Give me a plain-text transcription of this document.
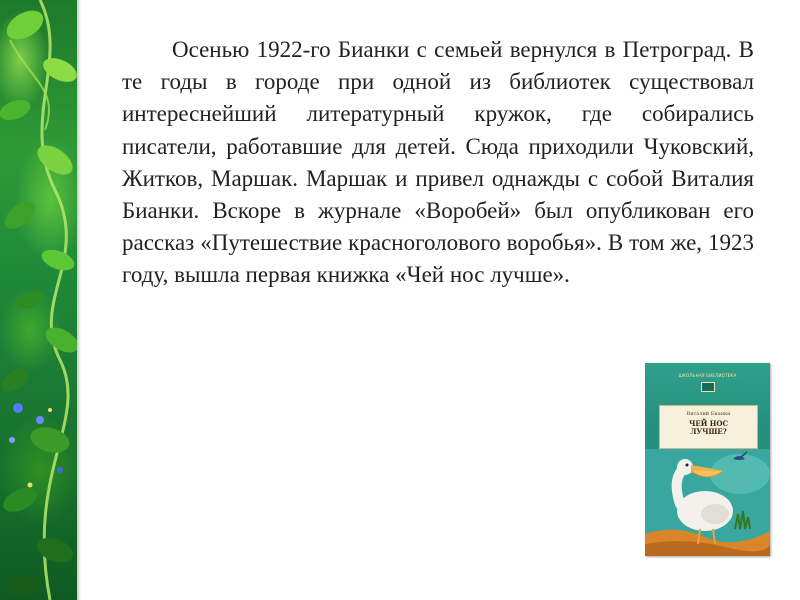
Осенью 1922-го Бианки с семьей вернулся в Петроград. В те годы в городе при одной из библиотек существовал интереснейший литературный кружок, где собирались писатели, работавшие для детей. Сюда приходили Чуковский, Житков, Маршак. Маршак и привел однажды с собой Виталия Бианки. Вскоре в журнале «Воробей» был опубликован его рассказ «Путешествие красноголового воробья». В том же, 1923 году, вышла первая книжка «Чей нос лучше».

ШКОЛЬНАЯ БИБЛИОТЕКА
Виталий Бианки
ЧЕЙ НОС
ЛУЧШЕ?
